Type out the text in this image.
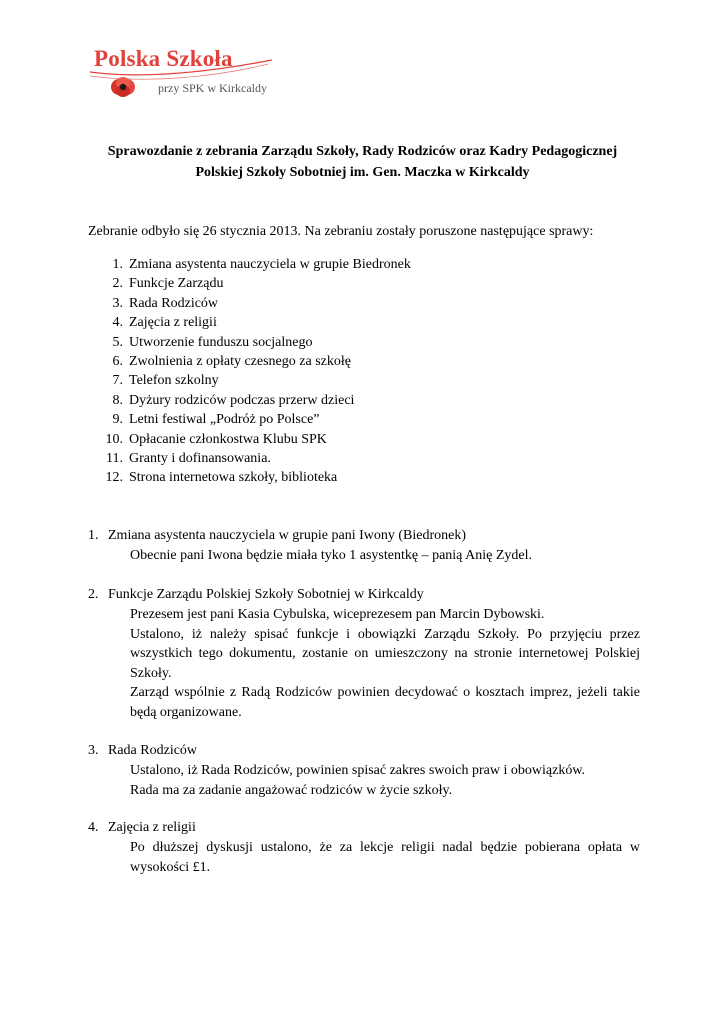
Polska Szkoła
przy SPK w Kirkcaldy
Sprawozdanie z zebrania Zarządu Szkoły, Rady Rodziców oraz Kadry Pedagogicznej
Polskiej Szkoły Sobotniej im. Gen. Maczka w Kirkcaldy
Zebranie odbyło się 26 stycznia 2013. Na zebraniu zostały poruszone następujące sprawy:
1. Zmiana asystenta nauczyciela w grupie Biedronek
2. Funkcje Zarządu
3. Rada Rodziców
4. Zajęcia z religii
5. Utworzenie funduszu socjalnego
6. Zwolnienia z opłaty czesnego za szkołę
7. Telefon szkolny
8. Dyżury rodziców podczas przerw dzieci
9. Letni festiwal „Podróż po Polsce”
10. Opłacanie członkostwa Klubu SPK
11. Granty i dofinansowania.
12. Strona internetowa szkoły, biblioteka
1. Zmiana asystenta nauczyciela w grupie pani Iwony (Biedronek)

Obecnie pani Iwona będzie miała tyko 1 asystentkę – panią Anię Zydel.

2. Funkcje Zarządu Polskiej Szkoły Sobotniej w Kirkcaldy

Prezesem jest pani Kasia Cybulska, wiceprezesem pan Marcin Dybowski.

Ustalono, iż należy spisać funkcje i obowiązki Zarządu Szkoły. Po przyjęciu przez wszystkich tego dokumentu, zostanie on umieszczony na stronie internetowej Polskiej Szkoły.

Zarząd wspólnie z Radą Rodziców powinien decydować o kosztach imprez, jeżeli takie będą organizowane.

3. Rada Rodziców

Ustalono, iż Rada Rodziców, powinien spisać zakres swoich praw i obowiązków.

Rada ma za zadanie angażować rodziców w życie szkoły.

4. Zajęcia z religii

Po dłuższej dyskusji ustalono, że za lekcje religii nadal będzie pobierana opłata w wysokości £1.
